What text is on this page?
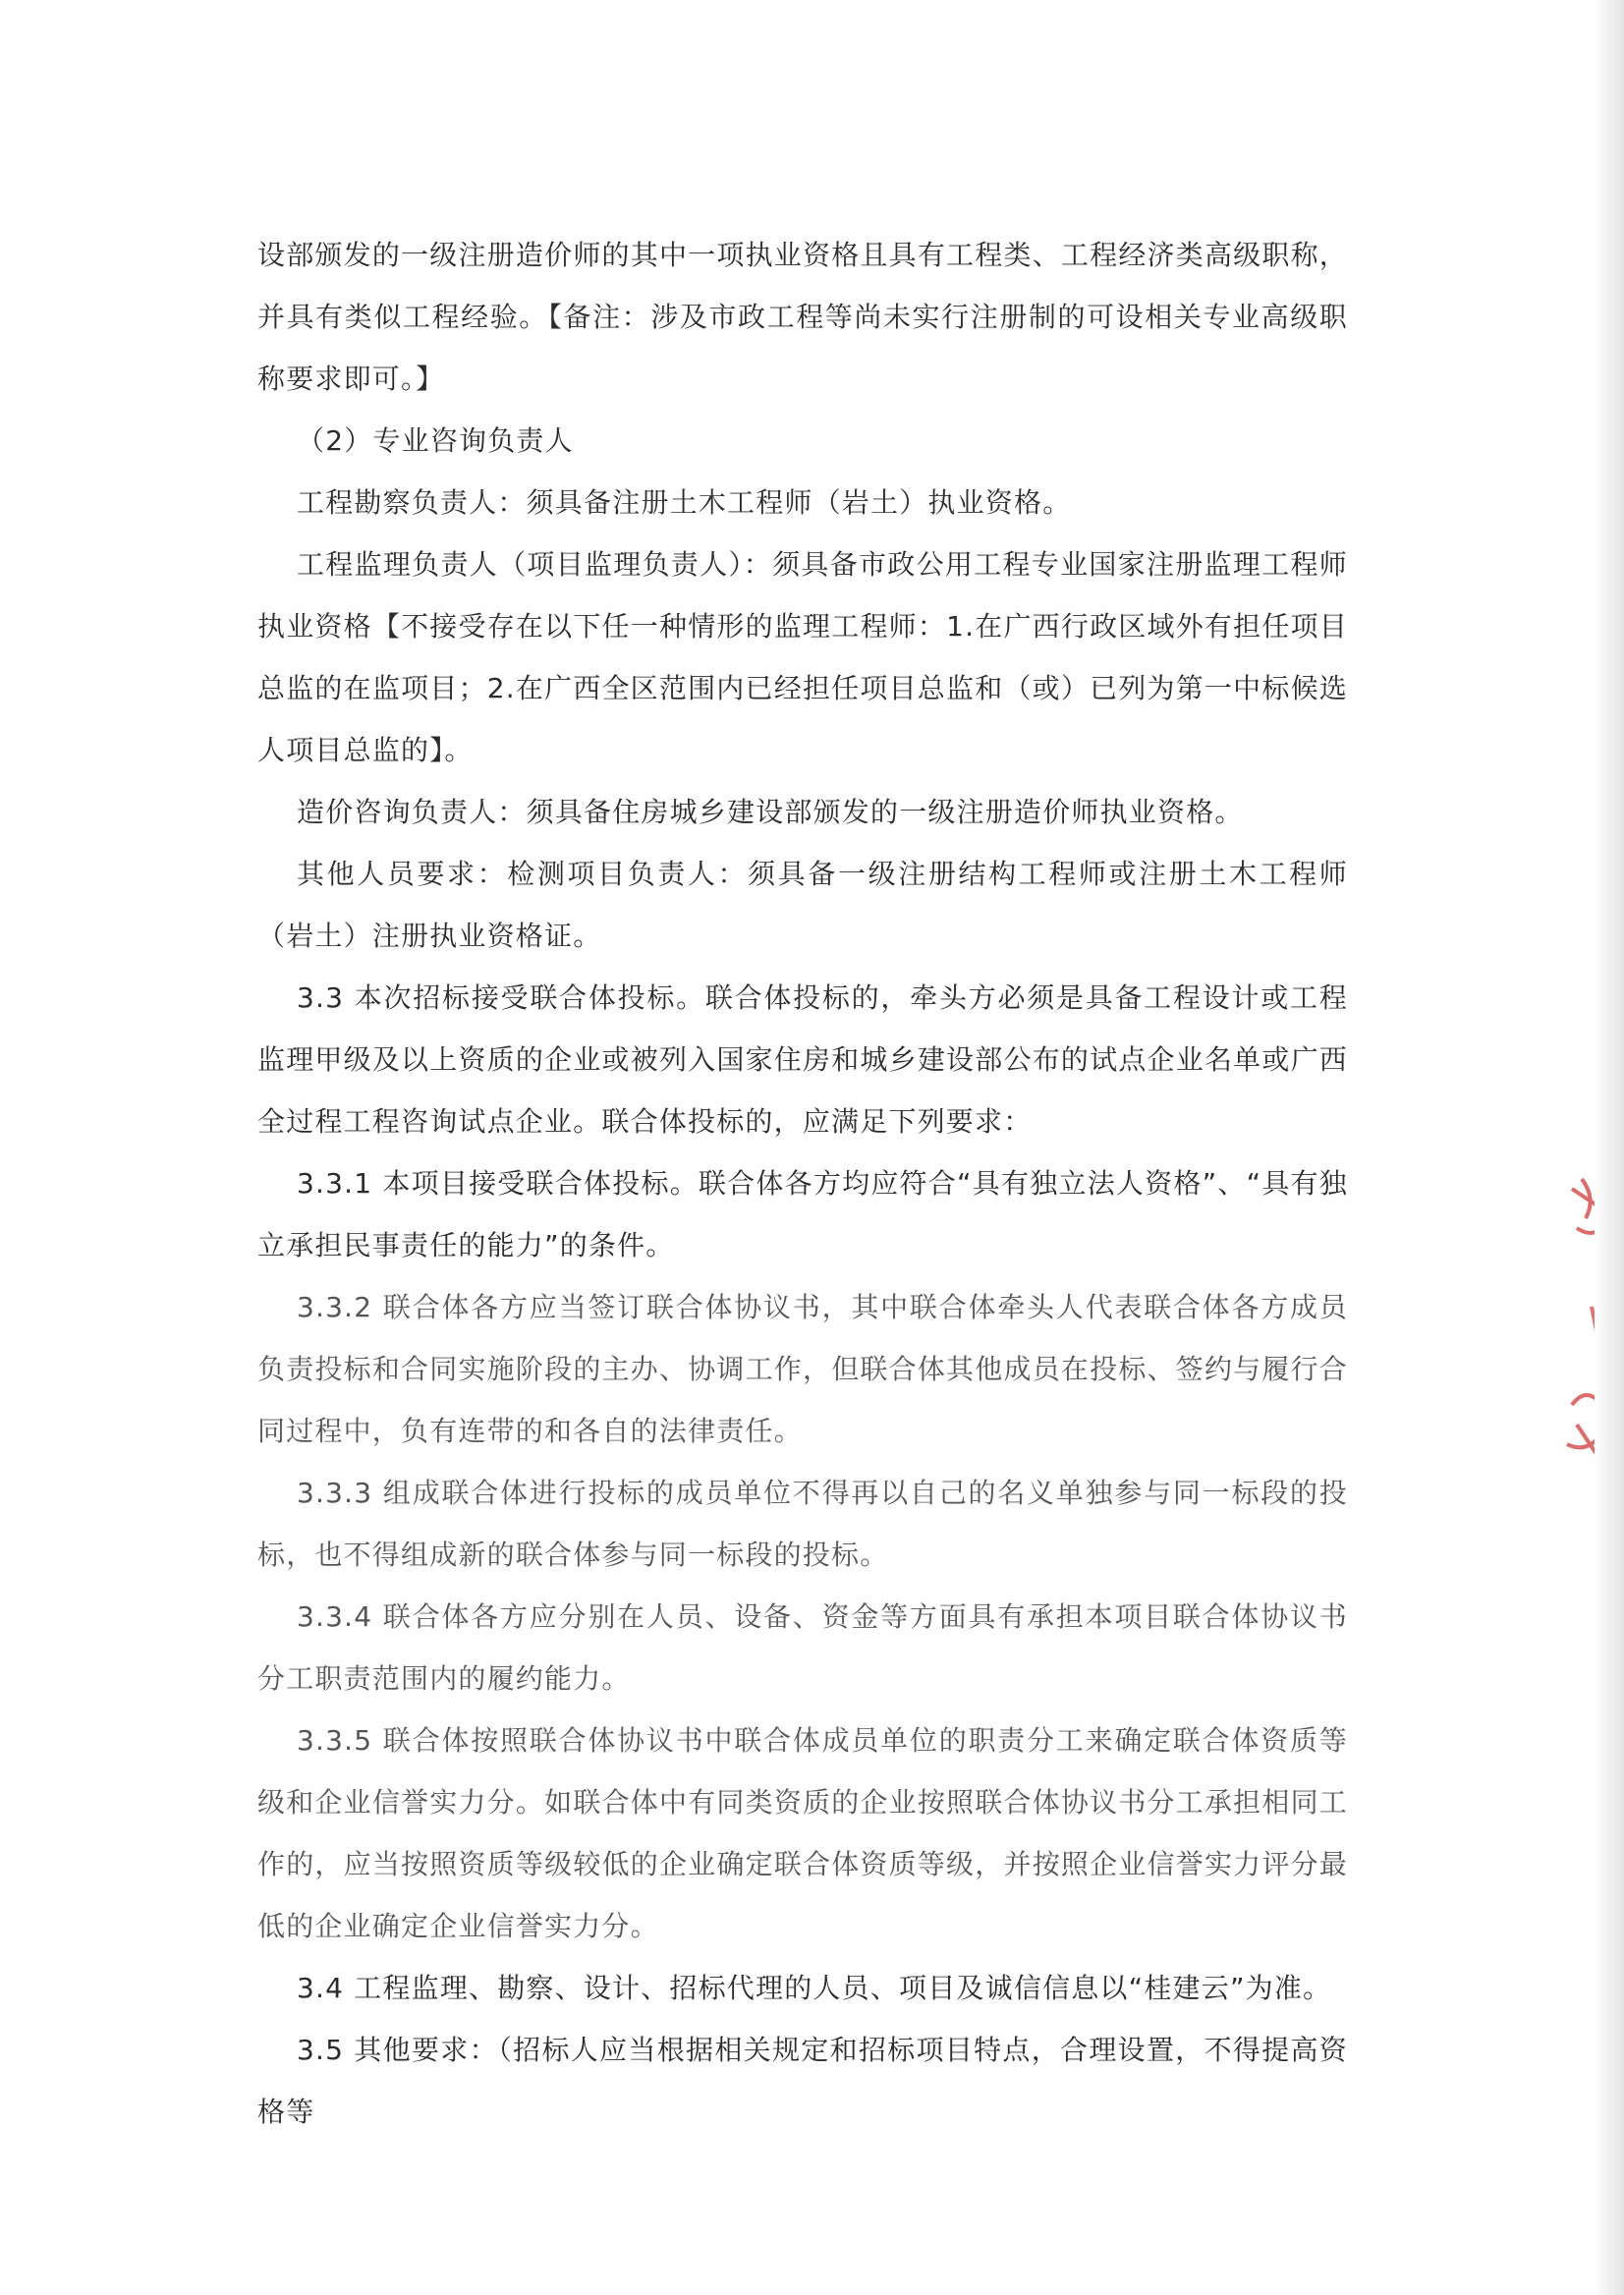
设部颁发的一级注册造价师的其中一项执业资格且具有工程类、工程经济类高级职称，并具有类似工程经验。【备注：涉及市政工程等尚未实行注册制的可设相关专业高级职称要求即可。】

（2）专业咨询负责人

工程勘察负责人：须具备注册土木工程师（岩土）执业资格。

工程监理负责人（项目监理负责人）：须具备市政公用工程专业国家注册监理工程师执业资格【不接受存在以下任一种情形的监理工程师：1.在广西行政区域外有担任项目总监的在监项目；2.在广西全区范围内已经担任项目总监和（或）已列为第一中标候选人项目总监的】。

造价咨询负责人：须具备住房城乡建设部颁发的一级注册造价师执业资格。

其他人员要求：检测项目负责人：须具备一级注册结构工程师或注册土木工程师（岩土）注册执业资格证。

3.3 本次招标接受联合体投标。联合体投标的，牵头方必须是具备工程设计或工程监理甲级及以上资质的企业或被列入国家住房和城乡建设部公布的试点企业名单或广西全过程工程咨询试点企业。联合体投标的，应满足下列要求：

3.3.1 本项目接受联合体投标。联合体各方均应符合“具有独立法人资格”、“具有独立承担民事责任的能力”的条件。

3.3.2 联合体各方应当签订联合体协议书，其中联合体牵头人代表联合体各方成员负责投标和合同实施阶段的主办、协调工作，但联合体其他成员在投标、签约与履行合同过程中，负有连带的和各自的法律责任。

3.3.3 组成联合体进行投标的成员单位不得再以自己的名义单独参与同一标段的投标，也不得组成新的联合体参与同一标段的投标。

3.3.4 联合体各方应分别在人员、设备、资金等方面具有承担本项目联合体协议书分工职责范围内的履约能力。

3.3.5 联合体按照联合体协议书中联合体成员单位的职责分工来确定联合体资质等级和企业信誉实力分。如联合体中有同类资质的企业按照联合体协议书分工承担相同工作的，应当按照资质等级较低的企业确定联合体资质等级，并按照企业信誉实力评分最低的企业确定企业信誉实力分。

3.4 工程监理、勘察、设计、招标代理的人员、项目及诚信信息以“桂建云”为准。

3.5 其他要求：（招标人应当根据相关规定和招标项目特点，合理设置，不得提高资格等
